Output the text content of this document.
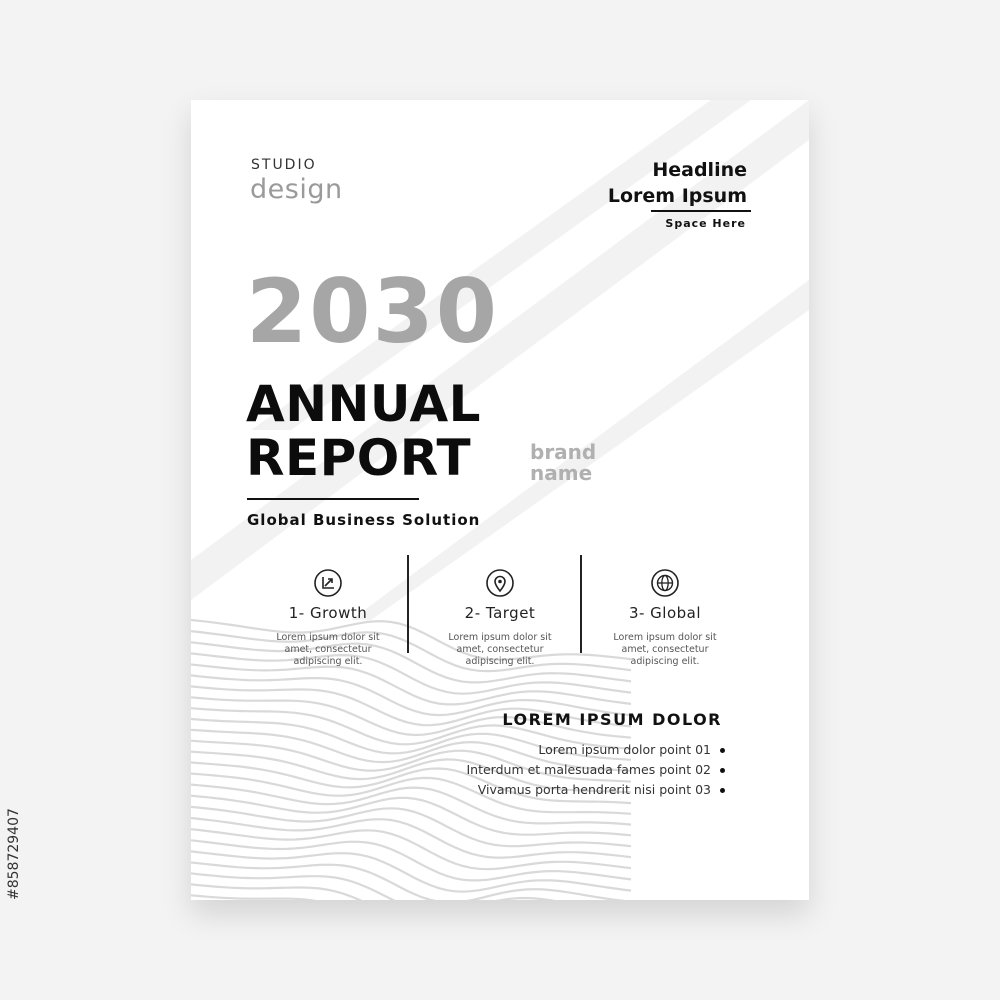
#858729407
STUDIO
design
Headline
Lorem Ipsum
Space Here
2030
ANNUAL
REPORT	brand
name
Global Business Solution
1- Growth
Lorem ipsum dolor sit amet, consectetur adipiscing elit.
2- Target
Lorem ipsum dolor sit amet, consectetur adipiscing elit.
3- Global
Lorem ipsum dolor sit amet, consectetur adipiscing elit.
LOREM IPSUM DOLOR
Lorem ipsum dolor point 01
Interdum et malesuada fames point 02
Vivamus porta hendrerit nisi point 03
